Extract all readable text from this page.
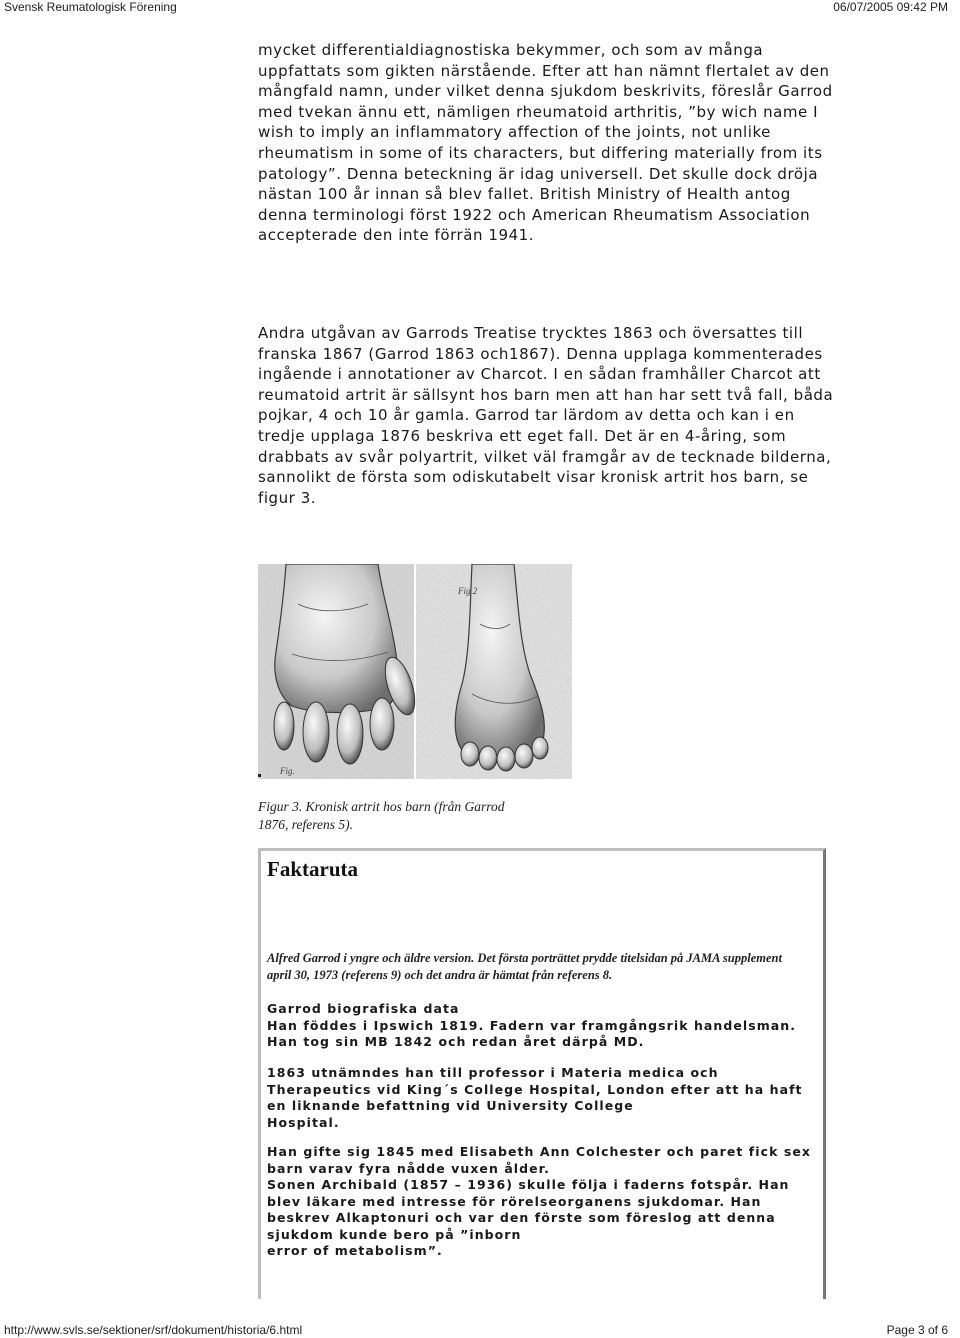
Svensk Reumatologisk Förening	06/07/2005 09:42 PM

mycket differentialdiagnostiska bekymmer, och som av många uppfattats som gikten närstående. Efter att han nämnt flertalet av den mångfald namn, under vilket denna sjukdom beskrivits, föreslår Garrod med tvekan ännu ett, nämligen rheumatoid arthritis, ”by wich name I wish to imply an inflammatory affection of the joints, not unlike rheumatism in some of its characters, but differing materially from its patology”. Denna beteckning är idag universell. Det skulle dock dröja nästan 100 år innan så blev fallet. British Ministry of Health antog denna terminologi först 1922 och American Rheumatism Association accepterade den inte förrän 1941.

Andra utgåvan av Garrods Treatise trycktes 1863 och översattes till franska 1867 (Garrod 1863 och1867). Denna upplaga kommenterades ingående i annotationer av Charcot. I en sådan framhåller Charcot att reumatoid artrit är sällsynt hos barn men att han har sett två fall, båda pojkar, 4 och 10 år gamla. Garrod tar lärdom av detta och kan i en tredje upplaga 1876 beskriva ett eget fall. Det är en 4-åring, som drabbats av svår polyartrit, vilket väl framgår av de tecknade bilderna, sannolikt de första som odiskutabelt visar kronisk artrit hos barn, se figur 3.

Fig.
Fig 2
Figur 3. Kronisk artrit hos barn (från Garrod
1876, referens 5).
Faktaruta
Alfred Garrod i yngre och äldre version. Det första porträttet prydde titelsidan på JAMA supplement april 30, 1973 (referens 9) och det andra är hämtat från referens 8.
Garrod biografiska data
Han föddes i Ipswich 1819. Fadern var framgångsrik handelsman. Han tog sin MB 1842 och redan året därpå MD.
1863 utnämndes han till professor i Materia medica och Therapeutics vid King´s College Hospital, London efter att ha haft en liknande befattning vid University College
Hospital.
Han gifte sig 1845 med Elisabeth Ann Colchester och paret fick sex barn varav fyra nådde vuxen ålder.
Sonen Archibald (1857 – 1936) skulle följa i faderns fotspår. Han blev läkare med intresse för rörelseorganens sjukdomar. Han beskrev Alkaptonuri och var den förste som föreslog att denna sjukdom kunde bero på ”inborn
error of metabolism”.
http://www.svls.se/sektioner/srf/dokument/historia/6.html	Page 3 of 6
